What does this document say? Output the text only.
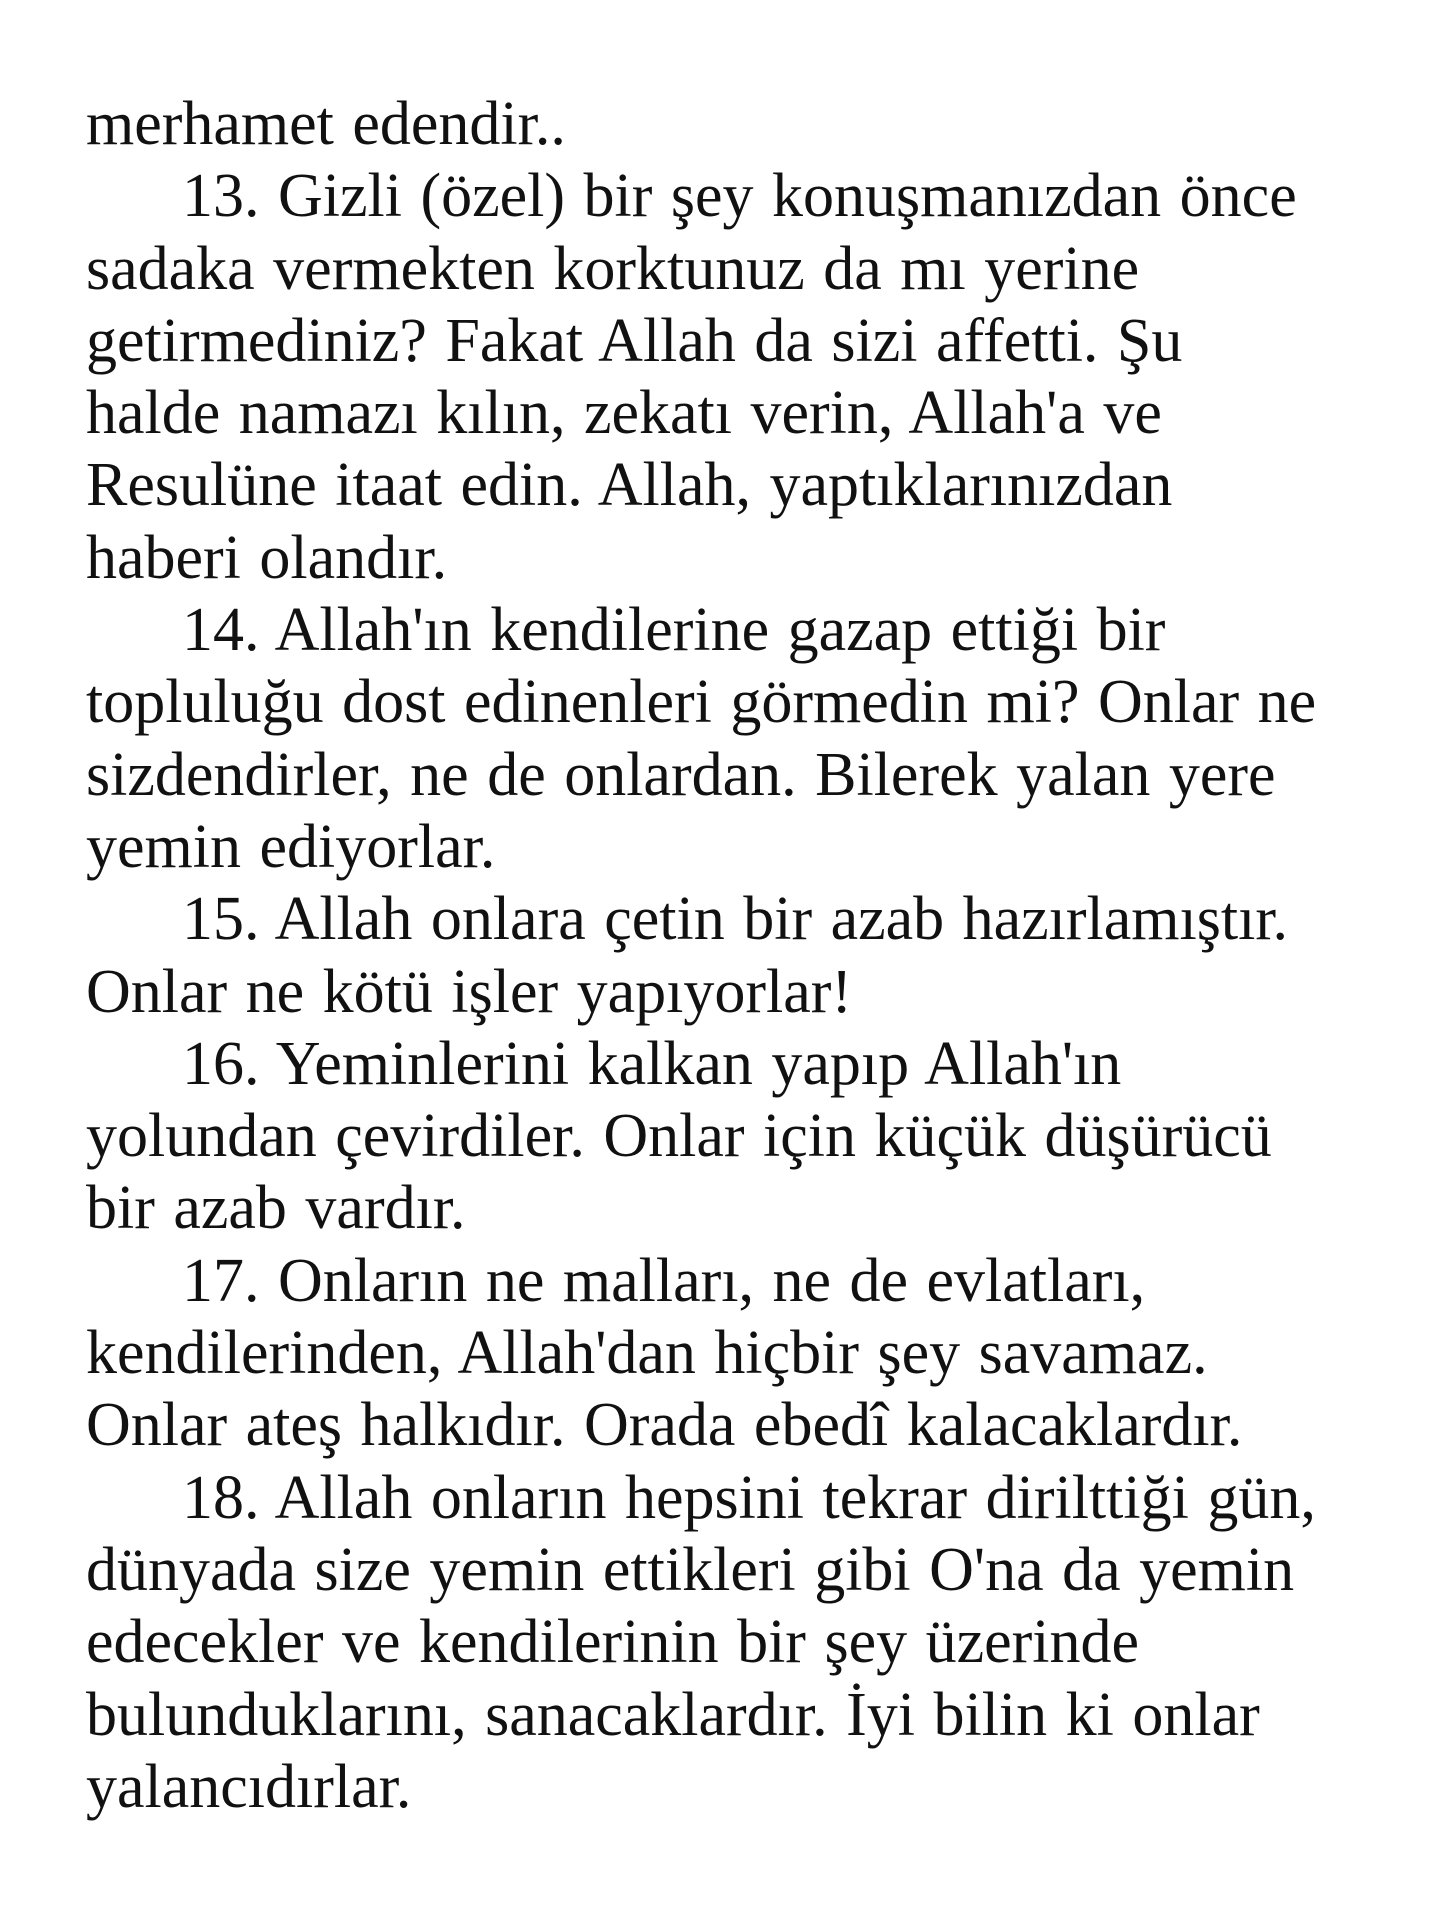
merhamet edendir..
13. Gizli (özel) bir şey konuşmanızdan önce
sadaka vermekten korktunuz da mı yerine
getirmediniz? Fakat Allah da sizi affetti. Şu
halde namazı kılın, zekatı verin, Allah'a ve
Resulüne itaat edin. Allah, yaptıklarınızdan
haberi olandır.
14. Allah'ın kendilerine gazap ettiği bir
topluluğu dost edinenleri görmedin mi? Onlar ne
sizdendirler, ne de onlardan. Bilerek yalan yere
yemin ediyorlar.
15. Allah onlara çetin bir azab hazırlamıştır.
Onlar ne kötü işler yapıyorlar!
16. Yeminlerini kalkan yapıp Allah'ın
yolundan çevirdiler. Onlar için küçük düşürücü
bir azab vardır.
17. Onların ne malları, ne de evlatları,
kendilerinden, Allah'dan hiçbir şey savamaz.
Onlar ateş halkıdır. Orada ebedî kalacaklardır.
18. Allah onların hepsini tekrar dirilttiği gün,
dünyada size yemin ettikleri gibi O'na da yemin
edecekler ve kendilerinin bir şey üzerinde
bulunduklarını, sanacaklardır. İyi bilin ki onlar
yalancıdırlar.
